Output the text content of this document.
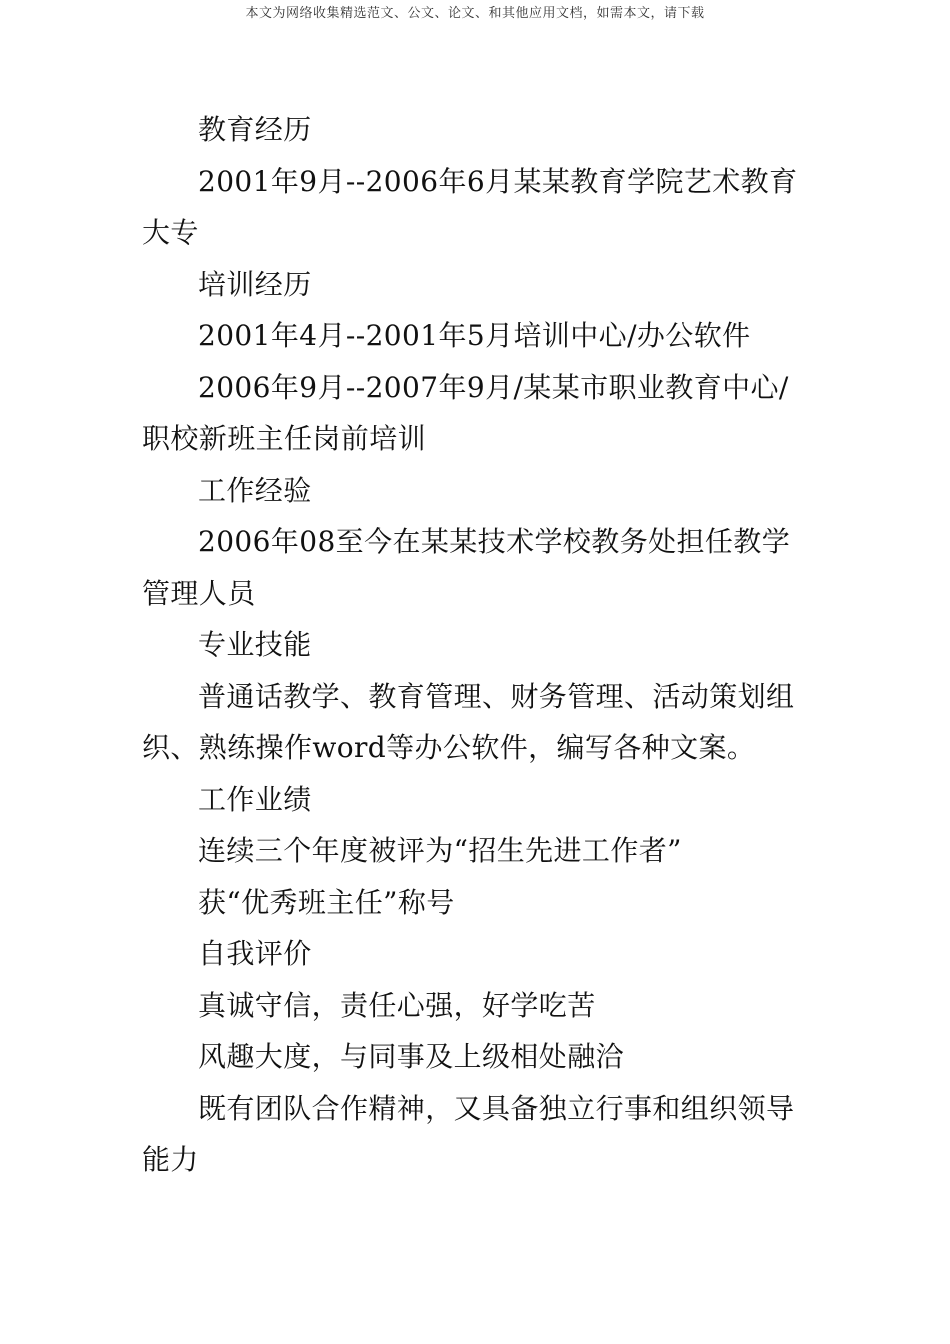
本文为网络收集精选范文、公文、论文、和其他应用文档，如需本文，请下载

教育经历

2001年9月--2006年6月某某教育学院艺术教育大专

培训经历

2001年4月--2001年5月培训中心/办公软件

2006年9月--2007年9月/某某市职业教育中心/职校新班主任岗前培训

工作经验

2006年08至今在某某技术学校教务处担任教学管理人员

专业技能

普通话教学、教育管理、财务管理、活动策划组织、熟练操作word等办公软件，编写各种文案。

工作业绩

连续三个年度被评为“招生先进工作者”

获“优秀班主任”称号

自我评价

真诚守信，责任心强，好学吃苦

风趣大度，与同事及上级相处融洽

既有团队合作精神，又具备独立行事和组织领导能力
